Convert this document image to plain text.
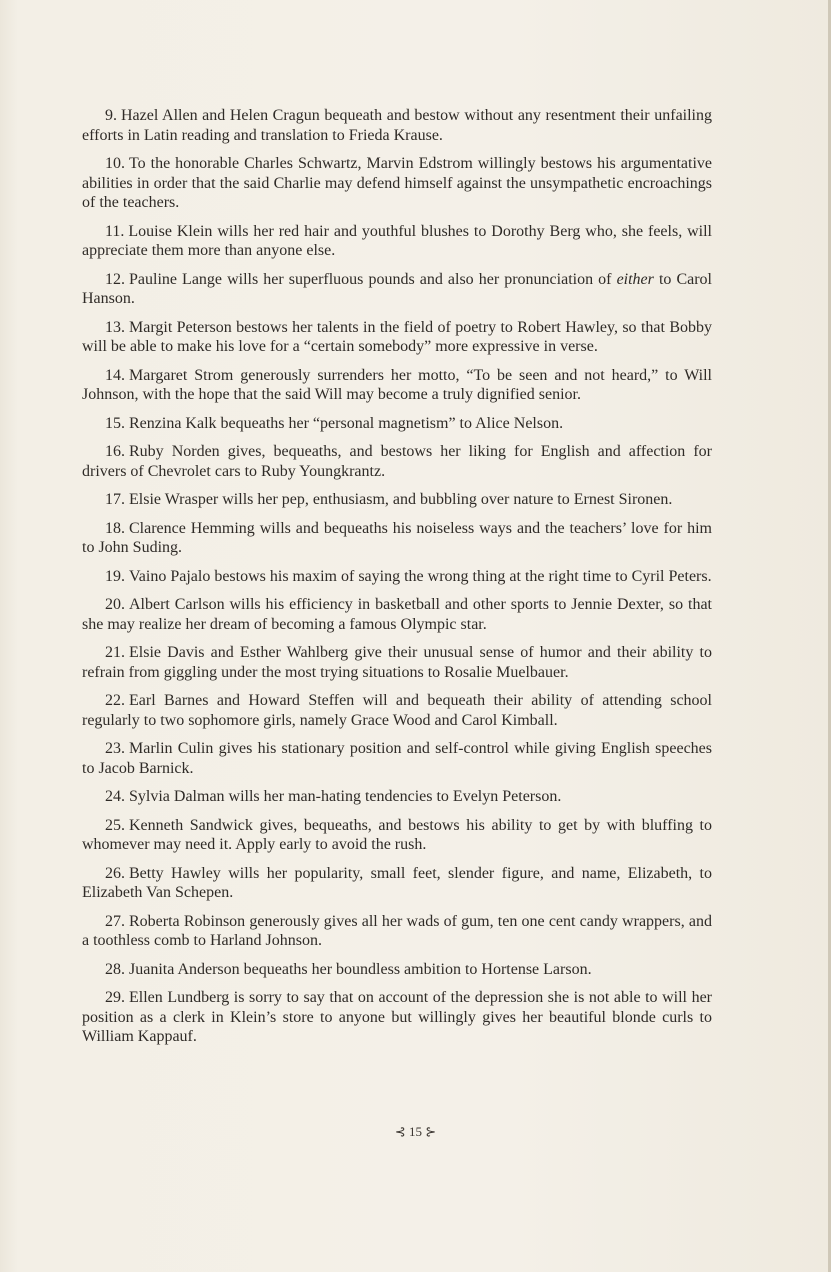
9. Hazel Allen and Helen Cragun bequeath and bestow without any resentment their unfailing efforts in Latin reading and translation to Frieda Krause.

10. To the honorable Charles Schwartz, Marvin Edstrom willingly bestows his argumentative abilities in order that the said Charlie may defend himself against the unsympathetic encroachings of the teachers.

11. Louise Klein wills her red hair and youthful blushes to Dorothy Berg who, she feels, will appreciate them more than anyone else.

12. Pauline Lange wills her superfluous pounds and also her pronunciation of either to Carol Hanson.

13. Margit Peterson bestows her talents in the field of poetry to Robert Hawley, so that Bobby will be able to make his love for a “certain somebody” more expressive in verse.

14. Margaret Strom generously surrenders her motto, “To be seen and not heard,” to Will Johnson, with the hope that the said Will may become a truly dignified senior.

15. Renzina Kalk bequeaths her “personal magnetism” to Alice Nelson.

16. Ruby Norden gives, bequeaths, and bestows her liking for English and affection for drivers of Chevrolet cars to Ruby Youngkrantz.

17. Elsie Wrasper wills her pep, enthusiasm, and bubbling over nature to Ernest Sironen.

18. Clarence Hemming wills and bequeaths his noiseless ways and the teachers’ love for him to John Suding.

19. Vaino Pajalo bestows his maxim of saying the wrong thing at the right time to Cyril Peters.

20. Albert Carlson wills his efficiency in basketball and other sports to Jennie Dexter, so that she may realize her dream of becoming a famous Olympic star.

21. Elsie Davis and Esther Wahlberg give their unusual sense of humor and their ability to refrain from giggling under the most trying situations to Rosalie Muelbauer.

22. Earl Barnes and Howard Steffen will and bequeath their ability of attending school regularly to two sophomore girls, namely Grace Wood and Carol Kimball.

23. Marlin Culin gives his stationary position and self-control while giving English speeches to Jacob Barnick.

24. Sylvia Dalman wills her man-hating tendencies to Evelyn Peterson.

25. Kenneth Sandwick gives, bequeaths, and bestows his ability to get by with bluffing to whomever may need it. Apply early to avoid the rush.

26. Betty Hawley wills her popularity, small feet, slender figure, and name, Elizabeth, to Elizabeth Van Schepen.

27. Roberta Robinson generously gives all her wads of gum, ten one cent candy wrappers, and a toothless comb to Harland Johnson.

28. Juanita Anderson bequeaths her boundless ambition to Hortense Larson.

29. Ellen Lundberg is sorry to say that on account of the depression she is not able to will her position as a clerk in Klein’s store to anyone but willingly gives her beautiful blonde curls to William Kappauf.

⊰ 15 ⊱
